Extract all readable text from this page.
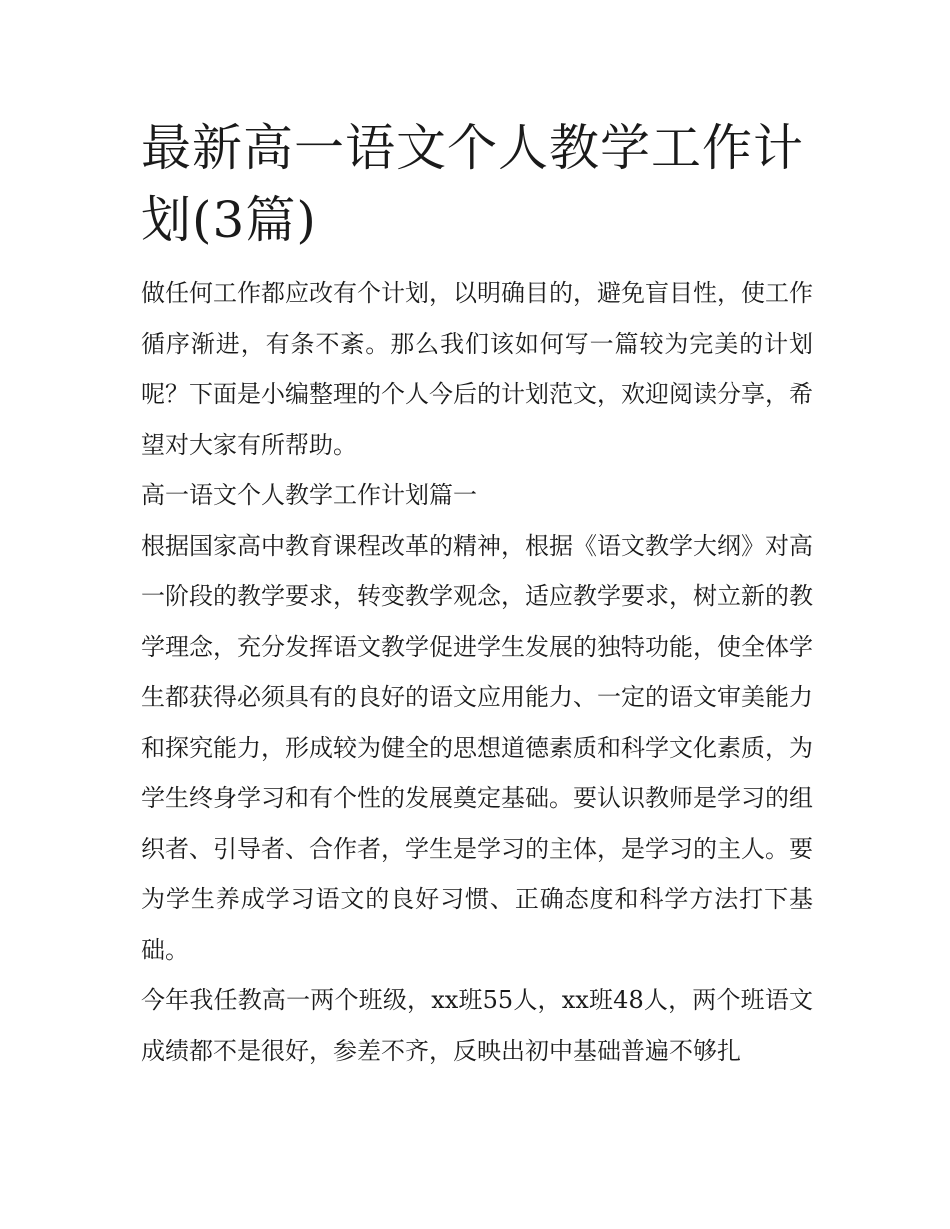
最新高一语文个人教学工作计划(3篇)

做任何工作都应改有个计划，以明确目的，避免盲目性，使工作循序渐进，有条不紊。那么我们该如何写一篇较为完美的计划呢？下面是小编整理的个人今后的计划范文，欢迎阅读分享，希望对大家有所帮助。

高一语文个人教学工作计划篇一

根据国家高中教育课程改革的精神，根据《语文教学大纲》对高一阶段的教学要求，转变教学观念，适应教学要求，树立新的教学理念，充分发挥语文教学促进学生发展的独特功能，使全体学生都获得必须具有的良好的语文应用能力、一定的语文审美能力和探究能力，形成较为健全的思想道德素质和科学文化素质，为学生终身学习和有个性的发展奠定基础。要认识教师是学习的组织者、引导者、合作者，学生是学习的主体，是学习的主人。要为学生养成学习语文的良好习惯、正确态度和科学方法打下基础。

今年我任教高一两个班级，xx班55人，xx班48人，两个班语文成绩都不是很好，参差不齐，反映出初中基础普遍不够扎
